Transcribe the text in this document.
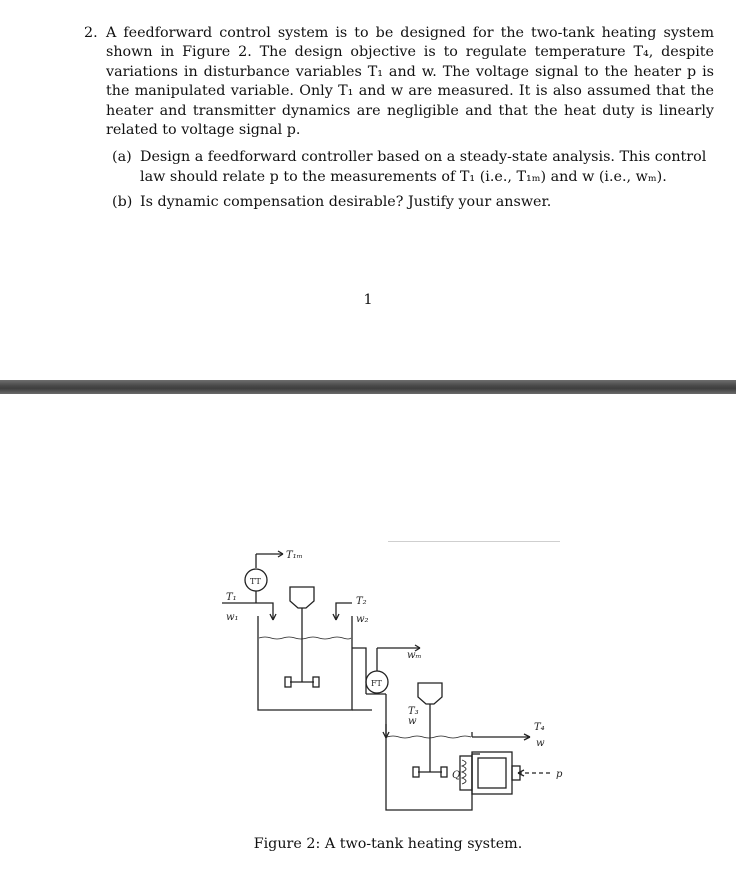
2. A feedforward control system is to be designed for the two-tank heating system shown in Figure 2. The design objective is to regulate temperature T₄, despite variations in disturbance variables T₁ and w. The voltage signal to the heater p is the manipulated variable. Only T₁ and w are measured. It is also assumed that the heater and transmitter dynamics are negligible and that the heat duty is linearly related to voltage signal p.
(a) Design a feedforward controller based on a steady-state analysis. This control law should relate p to the measurements of T₁ (i.e., T₁ₘ) and w (i.e., wₘ).
(b) Is dynamic compensation desirable? Justify your answer.
1
T₁ₘ
TT
T₁
w₁
T₂
w₂
wₘ
FT
T₃
w
T₄
w
Q	p
Figure 2: A two-tank heating system.
